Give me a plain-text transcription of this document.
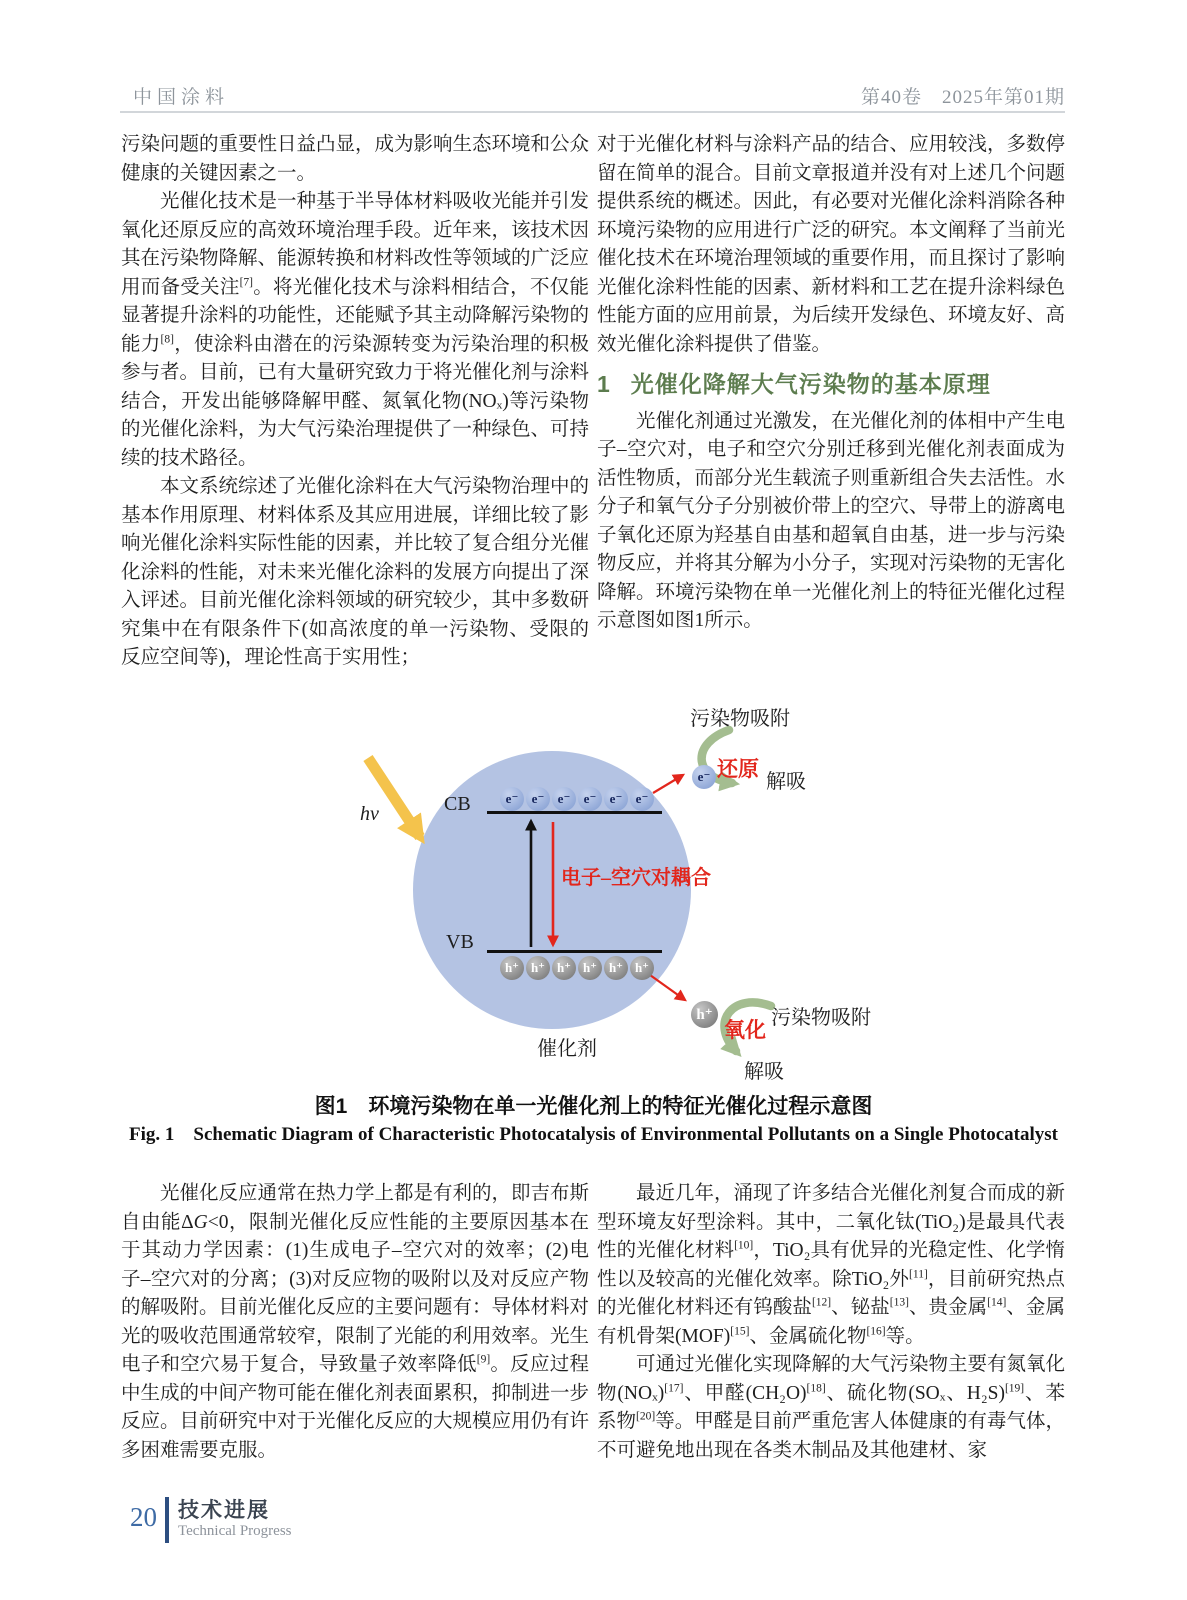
中国涂料	第40卷　2025年第01期

污染问题的重要性日益凸显，成为影响生态环境和公众健康的关键因素之一。

光催化技术是一种基于半导体材料吸收光能并引发氧化还原反应的高效环境治理手段。近年来，该技术因其在污染物降解、能源转换和材料改性等领域的广泛应用而备受关注[7]。将光催化技术与涂料相结合，不仅能显著提升涂料的功能性，还能赋予其主动降解污染物的能力[8]，使涂料由潜在的污染源转变为污染治理的积极参与者。目前，已有大量研究致力于将光催化剂与涂料结合，开发出能够降解甲醛、氮氧化物(NOₓ)等污染物的光催化涂料，为大气污染治理提供了一种绿色、可持续的技术路径。

本文系统综述了光催化涂料在大气污染物治理中的基本作用原理、材料体系及其应用进展，详细比较了影响光催化涂料实际性能的因素，并比较了复合组分光催化涂料的性能，对未来光催化涂料的发展方向提出了深入评述。目前光催化涂料领域的研究较少，其中多数研究集中在有限条件下(如高浓度的单一污染物、受限的反应空间等)，理论性高于实用性；

对于光催化材料与涂料产品的结合、应用较浅，多数停留在简单的混合。目前文章报道并没有对上述几个问题提供系统的概述。因此，有必要对光催化涂料消除各种环境污染物的应用进行广泛的研究。本文阐释了当前光催化技术在环境治理领域的重要作用，而且探讨了影响光催化涂料性能的因素、新材料和工艺在提升涂料绿色性能方面的应用前景，为后续开发绿色、环境友好、高效光催化涂料提供了借鉴。

1 光催化降解大气污染物的基本原理

光催化剂通过光激发，在光催化剂的体相中产生电子–空穴对，电子和空穴分别迁移到光催化剂表面成为活性物质，而部分光生载流子则重新组合失去活性。水分子和氧气分子分别被价带上的空穴、导带上的游离电子氧化还原为羟基自由基和超氧自由基，进一步与污染物反应，并将其分解为小分子，实现对污染物的无害化降解。环境污染物在单一光催化剂上的特征光催化过程示意图如图1所示。

hν	CB
VB
e⁻	e⁻	e⁻	e⁻	e⁻	e⁻
h⁺ h⁺ h⁺ h⁺ h⁺ h⁺
e⁻
h⁺
污染物吸附
还原
解吸
电子–空穴对耦合
氧化 污染物吸附
解吸
催化剂
图1　环境污染物在单一光催化剂上的特征光催化过程示意图
Fig. 1　Schematic Diagram of Characteristic Photocatalysis of Environmental Pollutants on a Single Photocatalyst

光催化反应通常在热力学上都是有利的，即吉布斯自由能ΔG<0，限制光催化反应性能的主要原因基本在于其动力学因素：(1)生成电子–空穴对的效率；(2)电子–空穴对的分离；(3)对反应物的吸附以及对反应产物的解吸附。目前光催化反应的主要问题有：导体材料对光的吸收范围通常较窄，限制了光能的利用效率。光生电子和空穴易于复合，导致量子效率降低[9]。反应过程中生成的中间产物可能在催化剂表面累积，抑制进一步反应。目前研究中对于光催化反应的大规模应用仍有许多困难需要克服。

最近几年，涌现了许多结合光催化剂复合而成的新型环境友好型涂料。其中，二氧化钛(TiO₂)是最具代表性的光催化材料[10]，TiO₂具有优异的光稳定性、化学惰性以及较高的光催化效率。除TiO₂外[11]，目前研究热点的光催化材料还有钨酸盐[12]、铋盐[13]、贵金属[14]、金属有机骨架(MOF)[15]、金属硫化物[16]等。

可通过光催化实现降解的大气污染物主要有氮氧化物(NOₓ)[17]、甲醛(CH₂O)[18]、硫化物(SOₓ、H₂S)[19]、苯系物[20]等。甲醛是目前严重危害人体健康的有毒气体，不可避免地出现在各类木制品及其他建材、家

20 技术进展
Technical Progress
